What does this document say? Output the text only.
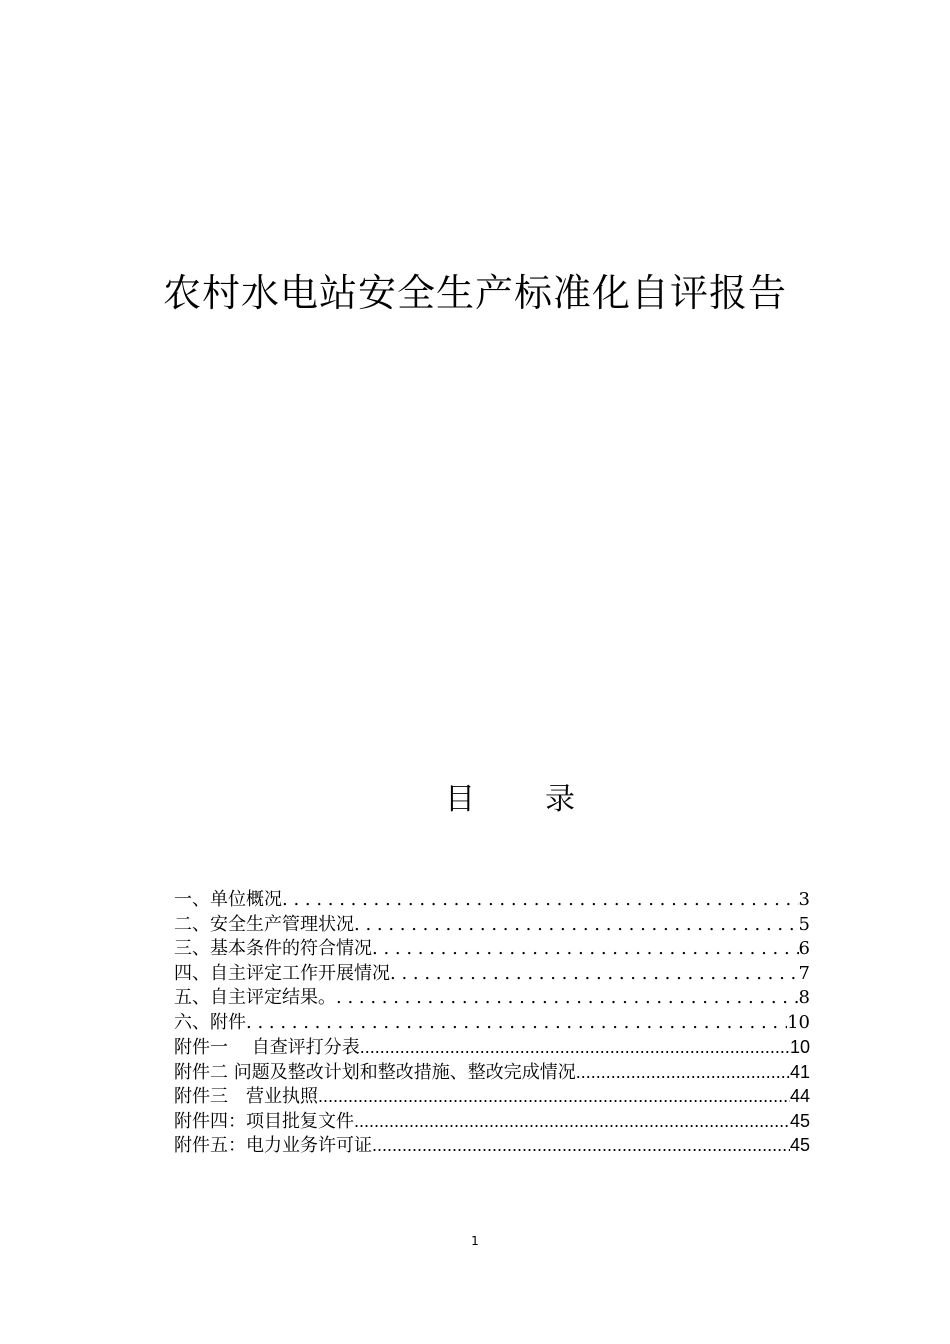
农村水电站安全生产标准化自评报告
目 录
一、单位概况 . . .	3
二、安全生产管理状况 . . .	5
三、基本条件的符合情况 . . .	6
四、自主评定工作开展情况 . . .	7
五、自主评定结果。 . . .	8
六、附件 . . .	10
附件一　 自查评打分表 .....	10
附件二 问题及整改计划和整改措施、整改完成情况 .....	41
附件三　营业执照 .....	44
附件四：项目批复文件 .....	45
附件五：电力业务许可证 .....	45
1
